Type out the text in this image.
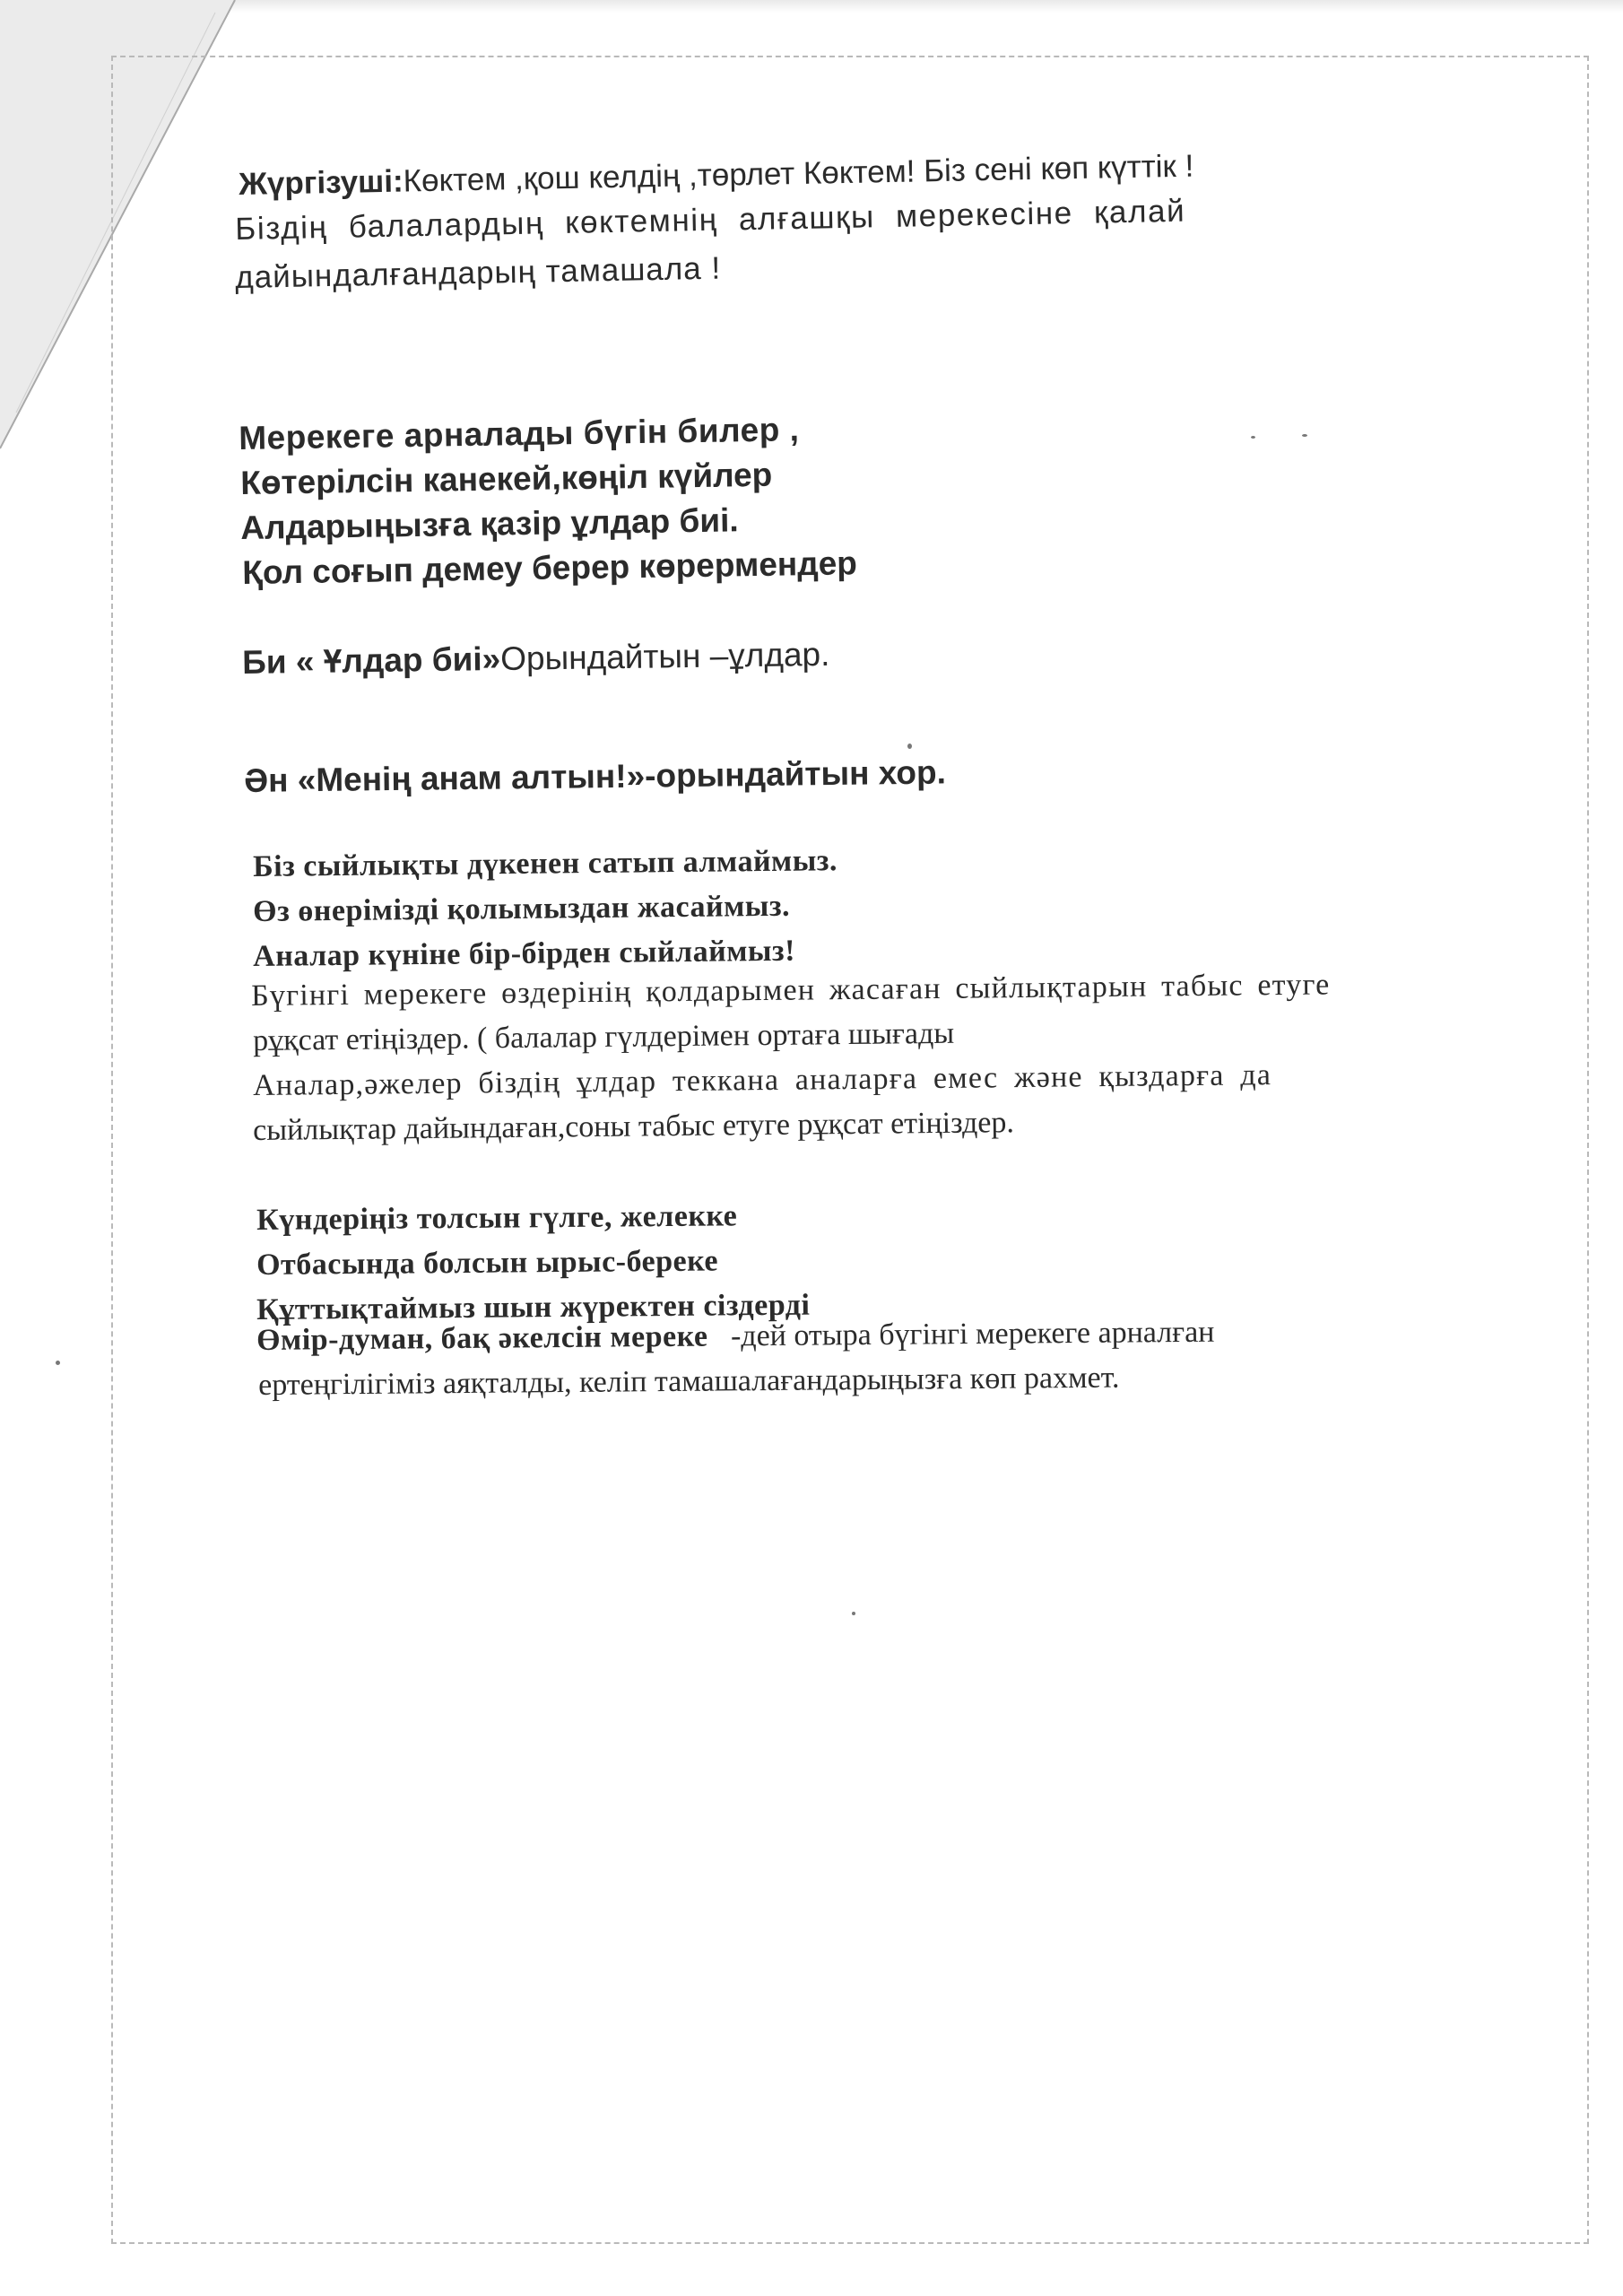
Жүргізуші:Көктем ,қош келдің ,төрлет Көктем! Біз сені көп күттік !
Біздің балалардың көктемнің алғашқы мерекесіне қалай
дайындалғандарың тамашала !
Мерекеге арналады бүгін билер ,
Көтерілсін канекей,көңіл күйлер
Алдарыңызға қазір ұлдар биі.
Қол соғып демеу берер көрермендер
Би « Ұлдар биі»Орындайтын –ұлдар.
Əн «Менің анам алтын!»-орындайтын хор.
Біз сыйлықты дүкенен сатып алмаймыз.
Өз өнерімізді қолымыздан жасаймыз.
Аналар күніне бір-бірден сыйлаймыз!
Бүгінгі мерекеге өздерінің қолдарымен жасаған сыйлықтарын табыс етуге
рұқсат етіңіздер. ( балалар гүлдерімен ортаға шығады
Аналар,əжелер біздің ұлдар теккана аналарға емес жəне қыздарға да
сыйлықтар дайындаған,соны табыс етуге рұқсат етіңіздер.
Күндеріңіз толсын гүлге, желекке
Отбасында болсын ырыс-береке
Құттықтаймыз шын жүректен сіздерді
Өмір-думан, бақ əкелсін мереке   -дей отыра бүгінгі мерекеге арналған
ертеңгілігіміз аяқталды, келіп тамашалағандарыңызға көп рахмет.
